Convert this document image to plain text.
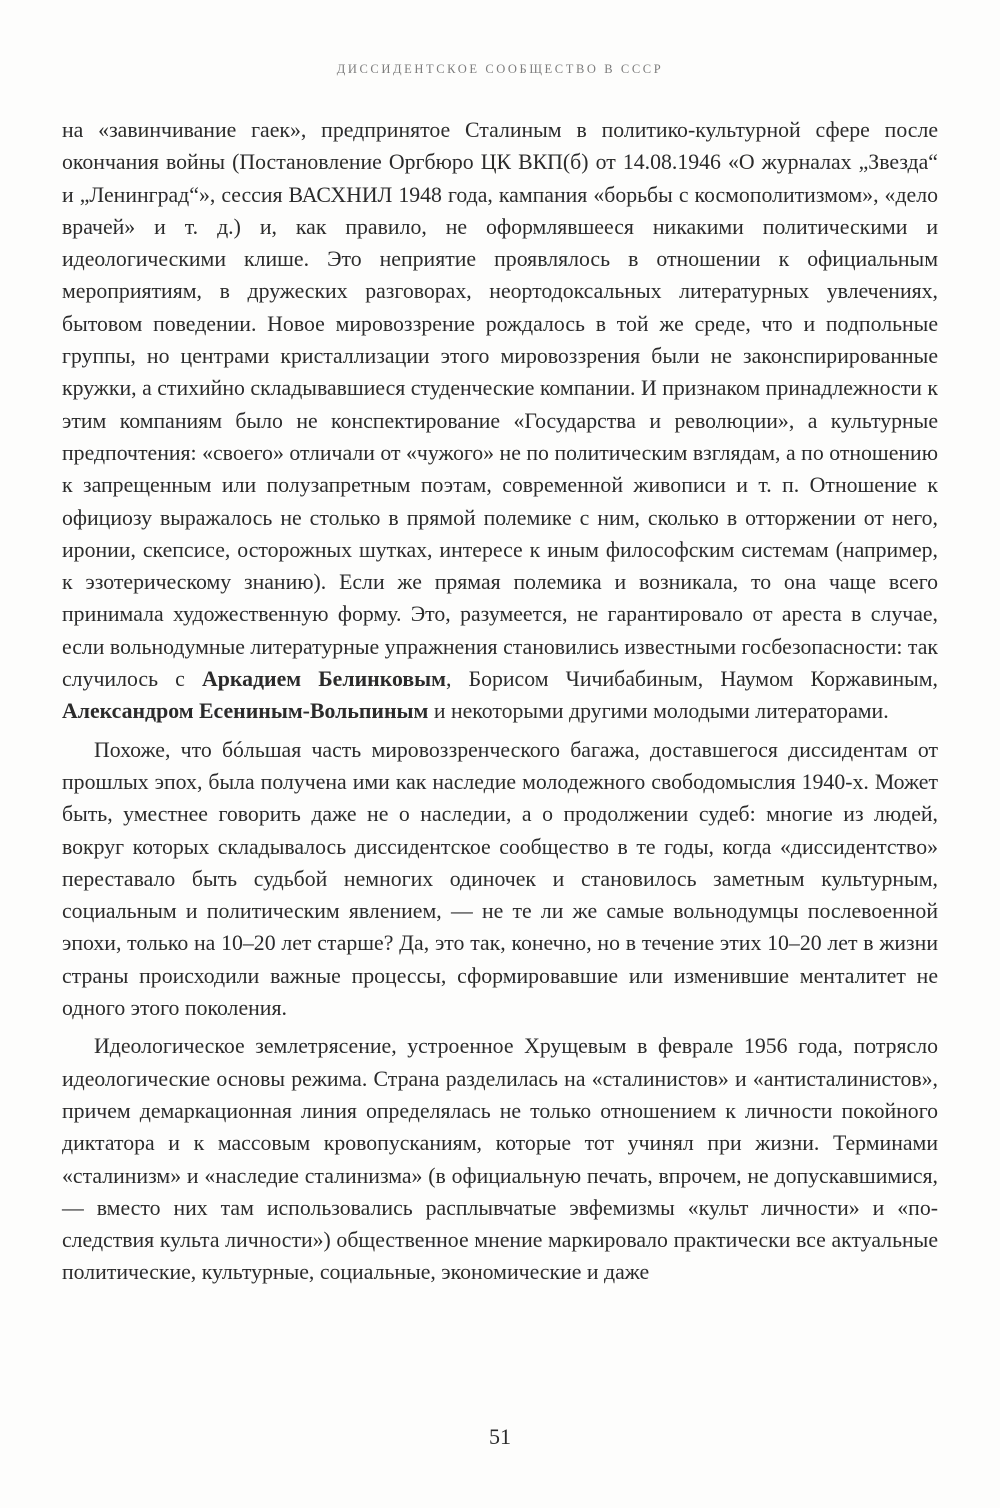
ДИССИДЕНТСКОЕ СООБЩЕСТВО В СССР

на «завинчивание гаек», предпринятое Сталиным в политико-культурной сфере после окончания войны (Постановление Оргбюро ЦК ВКП(б) от 14.08.1946 «О журналах „Звезда“ и „Ленинград“», сессия ВАСХНИЛ 1948 года, кампания «борьбы с космополитизмом», «дело врачей» и т. д.) и, как правило, не оформлявшееся никакими политическими и идеологическими клише. Это неприятие проявлялось в отношении к официальным мероприятиям, в дружеских разговорах, неортодоксальных литературных увлечениях, бытовом поведении. Новое мировоззрение рождалось в той же среде, что и подпольные группы, но центрами кристаллизации этого мировоззрения были не законспирированные кружки, а стихийно складывавшиеся студенческие компании. И признаком принадлежности к этим компаниям было не конспектирование «Государства и революции», а культурные предпочтения: «своего» отличали от «чужого» не по политическим взглядам, а по отношению к запрещенным или полузапретным поэтам, современной живописи и т. п. Отношение к официозу выражалось не столько в прямой полемике с ним, сколько в отторжении от него, иронии, скепсисе, осторожных шутках, интересе к иным философским системам (например, к эзотерическому знанию). Если же прямая полемика и возникала, то она чаще всего принимала художественную форму. Это, разумеется, не гарантировало от ареста в случае, если вольнодумные литературные упражнения становились известными госбезопасности: так случилось с Аркадием Белинковым, Борисом Чичибабиным, Наумом Коржавиным, Александром Есениным-Вольпиным и некоторыми другими молодыми литераторами.

Похоже, что бóльшая часть мировоззренческого багажа, доставшегося диссидентам от прошлых эпох, была получена ими как наследие молодежного свободомыслия 1940-х. Может быть, уместнее говорить даже не о наследии, а о продолжении судеб: многие из людей, вокруг которых складывалось диссидентское сообщество в те годы, когда «диссидентство» переставало быть судьбой немногих одиночек и становилось заметным культурным, социальным и политическим явлением, — не те ли же самые вольнодумцы послевоенной эпохи, только на 10–20 лет старше? Да, это так, конечно, но в течение этих 10–20 лет в жизни страны происходили важные процессы, сформировавшие или изменившие менталитет не одного этого поколения.

Идеологическое землетрясение, устроенное Хрущевым в феврале 1956 года, потрясло идеологические основы режима. Страна разделилась на «сталинистов» и «антисталинистов», причем демаркационная линия определялась не только отношением к личности покойного диктатора и к массовым кровопусканиям, которые тот учинял при жизни. Терминами «сталинизм» и «наследие сталинизма» (в официальную печать, впрочем, не допускавшимися, — вместо них там использовались расплывчатые эвфемизмы «культ личности» и «последствия культа личности») общественное мнение маркировало практически все актуальные политические, культурные, социальные, экономические и даже

51
